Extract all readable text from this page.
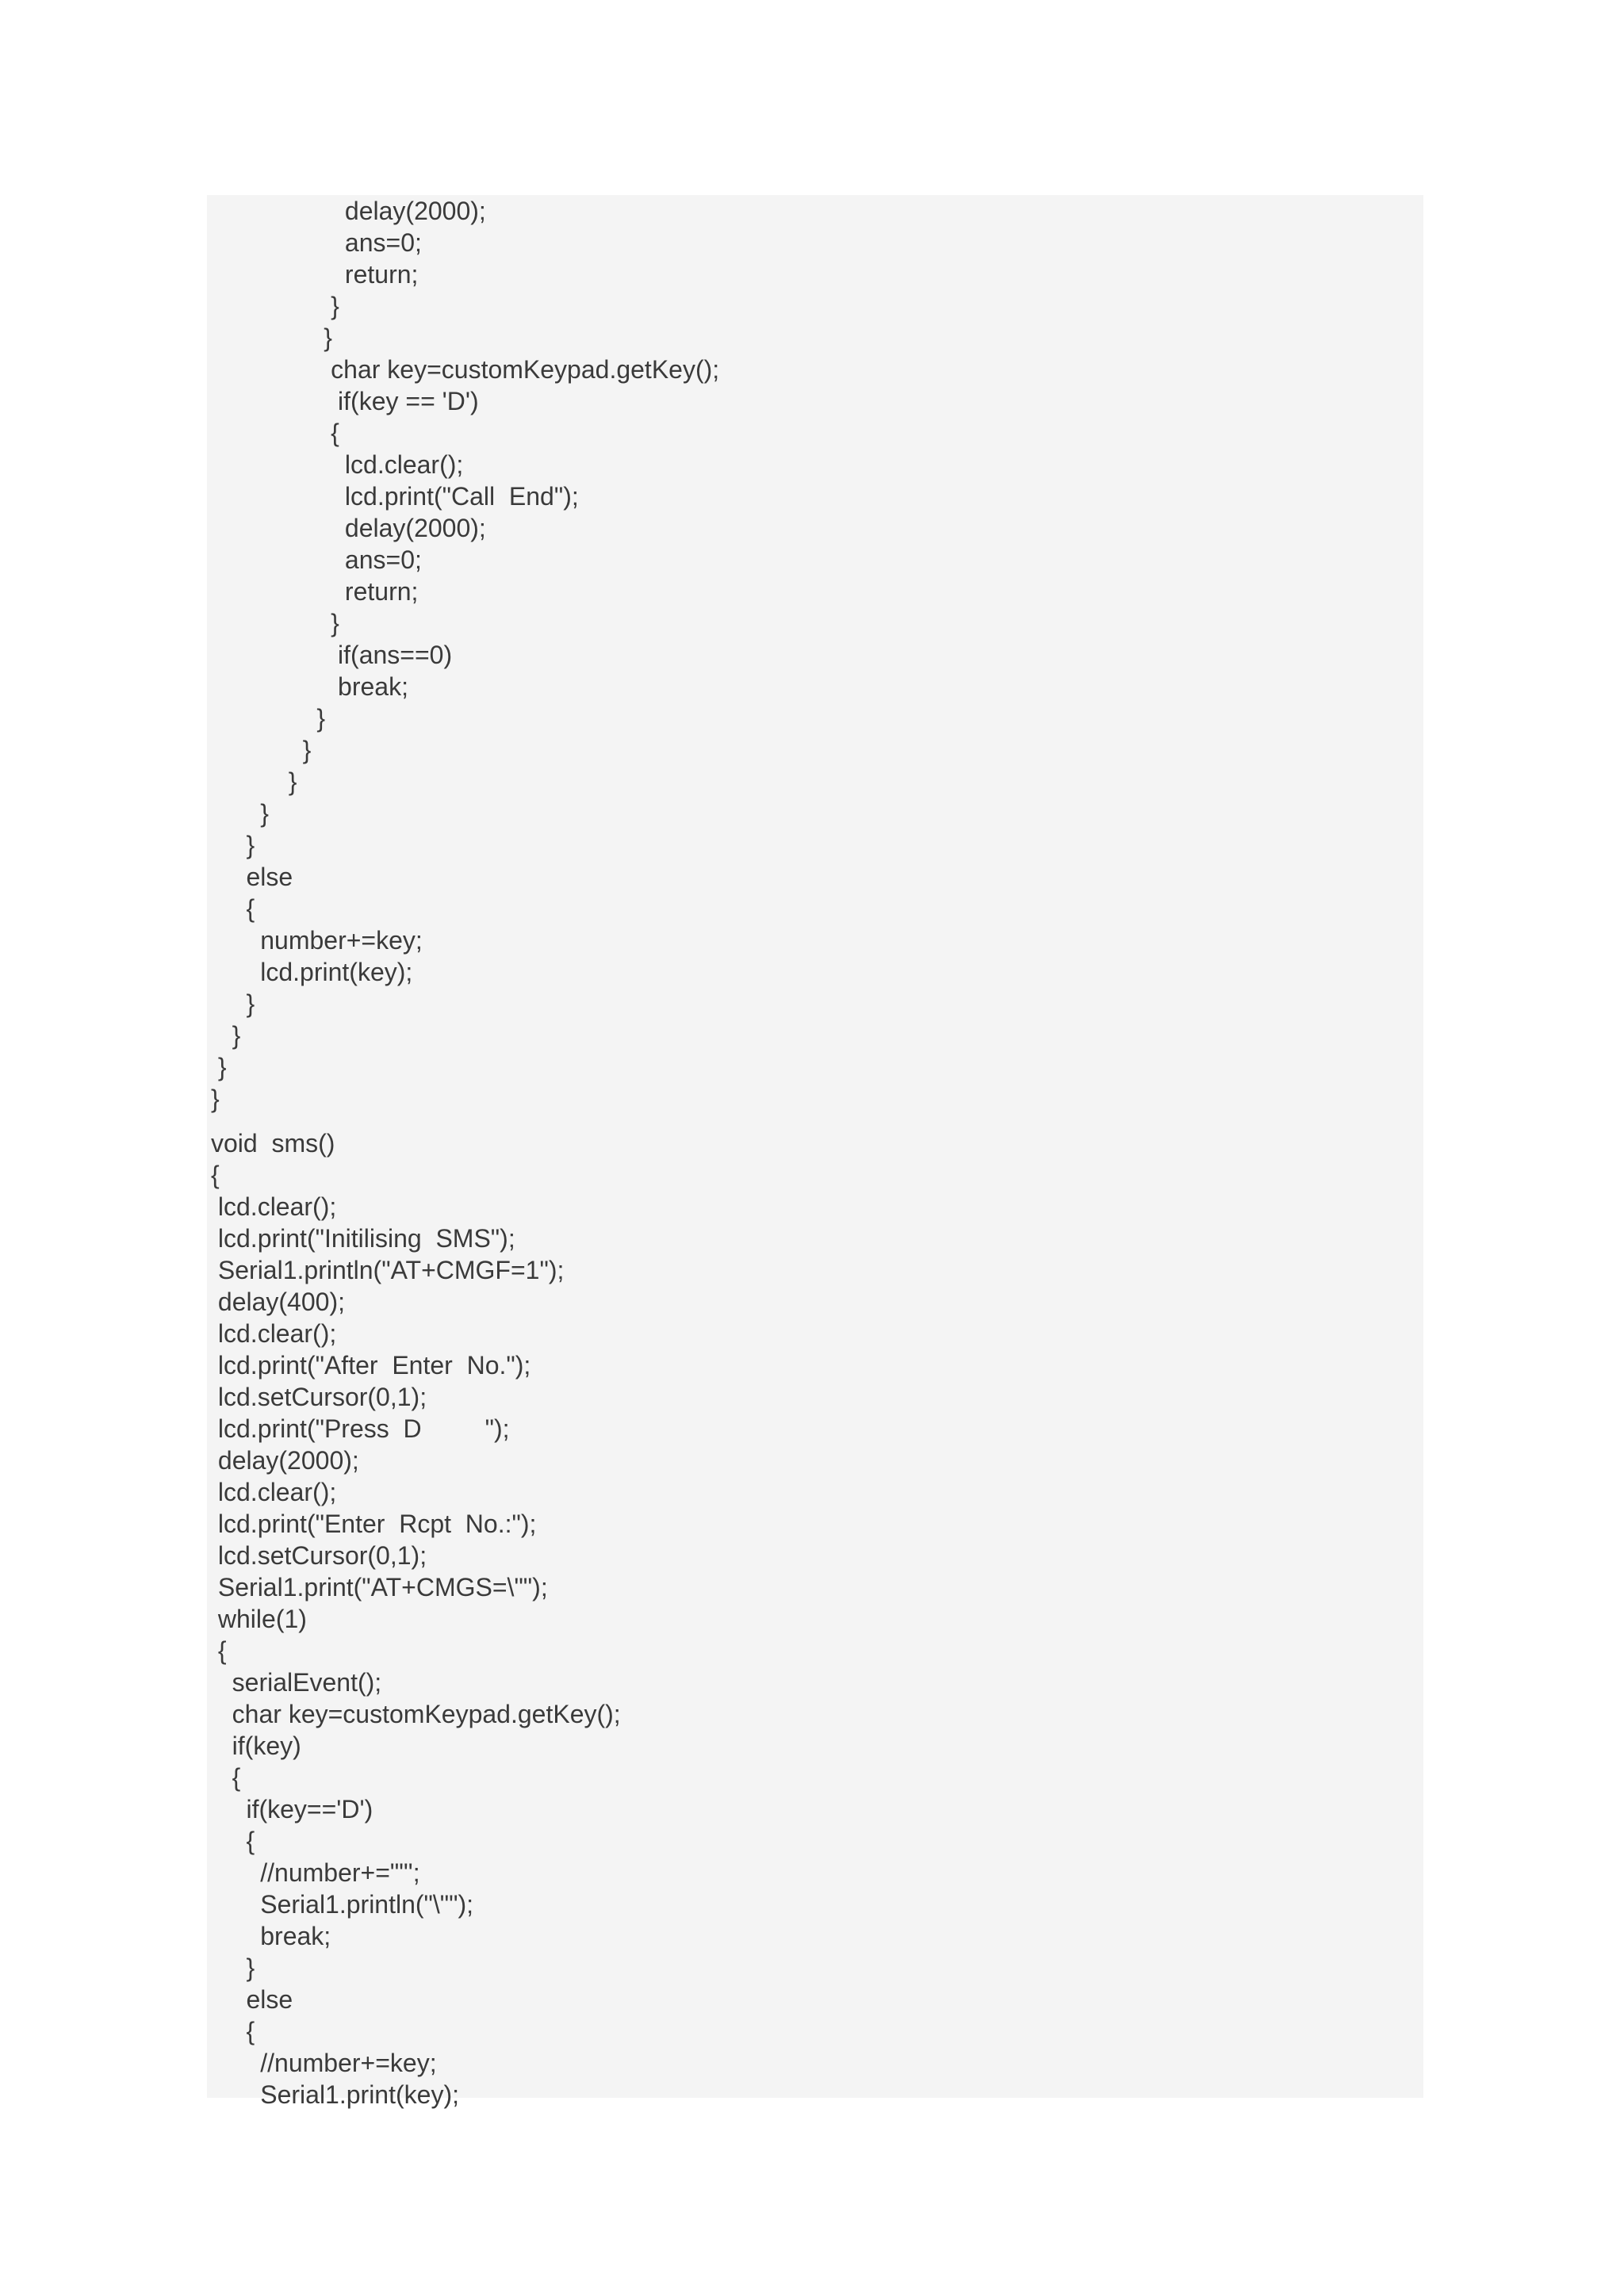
delay(2000);
ans=0;
return;
}
}
char key=customKeypad.getKey();
if(key == 'D')
{
lcd.clear();
lcd.print("Call  End");
delay(2000);
ans=0;
return;
}
if(ans==0)
break;
}
}
}
}
}
else
{
number+=key;
lcd.print(key);
}
}
}
}
void  sms()
{
lcd.clear();
lcd.print("Initilising  SMS");
Serial1.println("AT+CMGF=1");
delay(400);
lcd.clear();
lcd.print("After  Enter  No.");
lcd.setCursor(0,1);
lcd.print("Press  D         ");
delay(2000);
lcd.clear();
lcd.print("Enter  Rcpt  No.:");
lcd.setCursor(0,1);
Serial1.print("AT+CMGS=\"");
while(1)
{
serialEvent();
char key=customKeypad.getKey();
if(key)
{
if(key=='D')
{
//number+=""';
Serial1.println("\"");
break;
}
else
{
//number+=key;
Serial1.print(key);
